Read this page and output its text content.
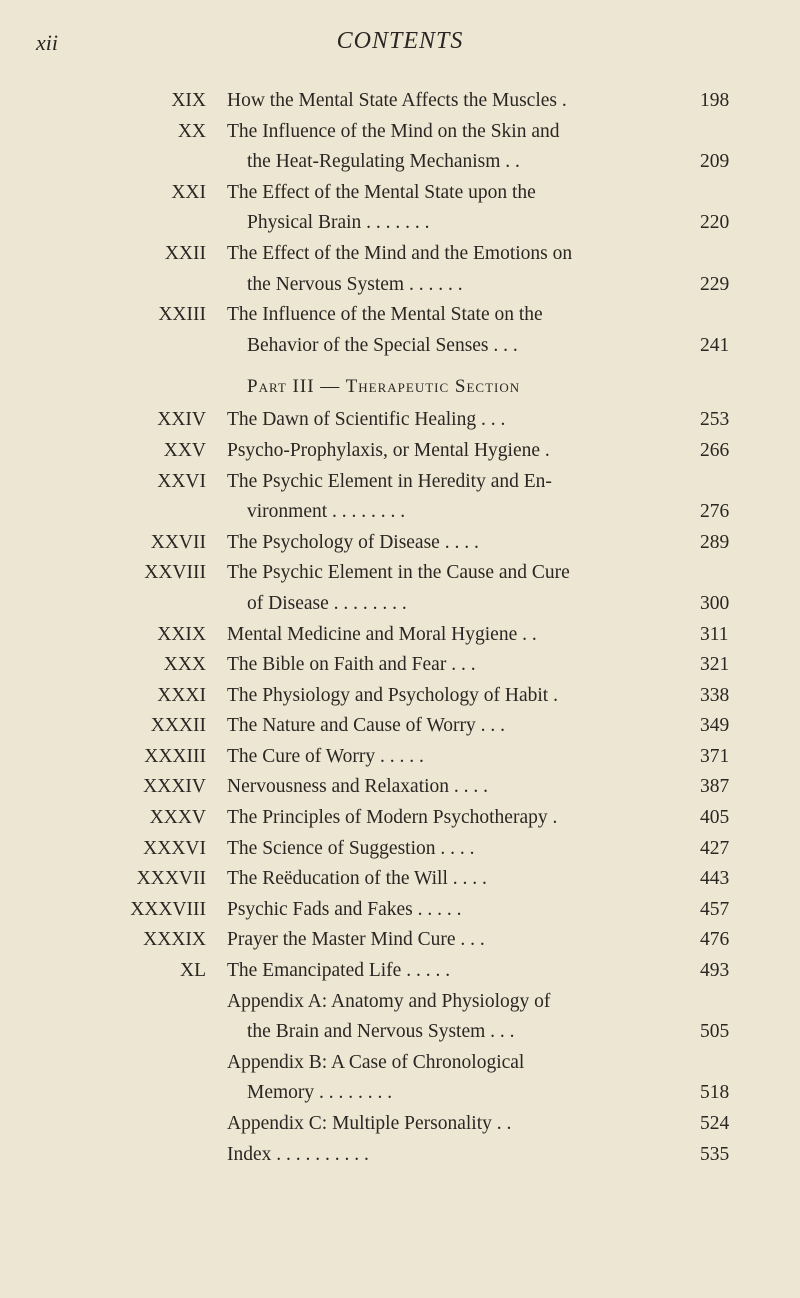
xii	CONTENTS
XIX How the Mental State Affects the Muscles .	198
XX The Influence of the Mind on the Skin and
the Heat-Regulating Mechanism . .	209
XXI The Effect of the Mental State upon the
Physical Brain . . . . . . .	220
XXII The Effect of the Mind and the Emotions on
the Nervous System . . . . . .	229
XXIII The Influence of the Mental State on the
Behavior of the Special Senses . . .	241
Part III — Therapeutic Section
XXIV The Dawn of Scientific Healing . . .	253
XXV Psycho-Prophylaxis, or Mental Hygiene .	266
XXVI The Psychic Element in Heredity and En-
vironment . . . . . . . .	276
XXVII The Psychology of Disease . . . .	289
XXVIII The Psychic Element in the Cause and Cure
of Disease . . . . . . . .	300
XXIX Mental Medicine and Moral Hygiene . .	311
XXX The Bible on Faith and Fear . . .	321
XXXI The Physiology and Psychology of Habit .	338
XXXII The Nature and Cause of Worry . . .	349
XXXIII The Cure of Worry . . . . .	371
XXXIV Nervousness and Relaxation . . . .	387
XXXV The Principles of Modern Psychotherapy .	405
XXXVI The Science of Suggestion . . . .	427
XXXVII The Reëducation of the Will . . . .	443
XXXVIII Psychic Fads and Fakes . . . . .	457
XXXIX Prayer the Master Mind Cure . . .	476
XL The Emancipated Life . . . . .	493
Appendix A: Anatomy and Physiology of
the Brain and Nervous System . . .	505
Appendix B: A Case of Chronological
Memory . . . . . . . .	518
Appendix C: Multiple Personality . .	524
Index . . . . . . . . . .	535
